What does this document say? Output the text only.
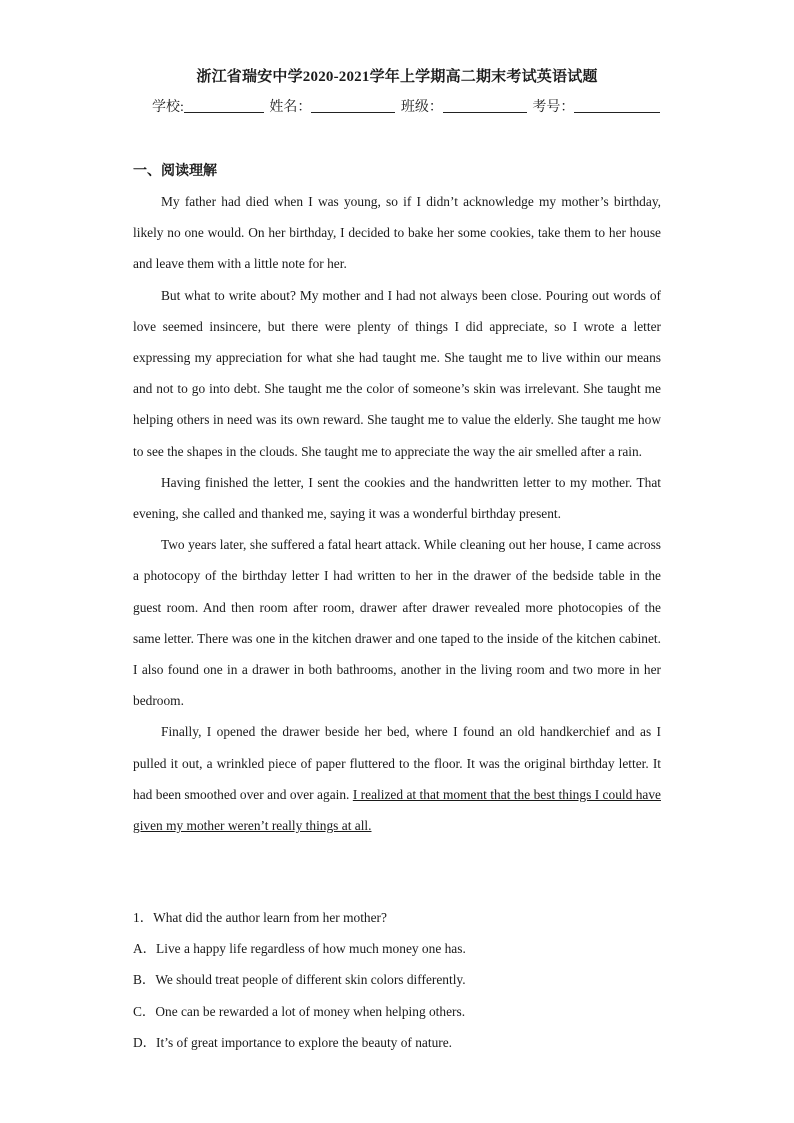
浙江省瑞安中学2020-2021学年上学期高二期末考试英语试题
学校:	姓名：	班级：	考号：
一、阅读理解

My father had died when I was young, so if I didn’t acknowledge my mother’s birthday, likely no one would. On her birthday, I decided to bake her some cookies, take them to her house and leave them with a little note for her.

But what to write about? My mother and I had not always been close. Pouring out words of love seemed insincere, but there were plenty of things I did appreciate, so I wrote a letter expressing my appreciation for what she had taught me. She taught me to live within our means and not to go into debt. She taught me the color of someone’s skin was irrelevant. She taught me helping others in need was its own reward. She taught me to value the elderly. She taught me how to see the shapes in the clouds. She taught me to appreciate the way the air smelled after a rain.

Having finished the letter, I sent the cookies and the handwritten letter to my mother. That evening, she called and thanked me, saying it was a wonderful birthday present.

Two years later, she suffered a fatal heart attack. While cleaning out her house, I came across a photocopy of the birthday letter I had written to her in the drawer of the bedside table in the guest room. And then room after room, drawer after drawer revealed more photocopies of the same letter. There was one in the kitchen drawer and one taped to the inside of the kitchen cabinet. I also found one in a drawer in both bathrooms, another in the living room and two more in her bedroom.

Finally, I opened the drawer beside her bed, where I found an old handkerchief and as I pulled it out, a wrinkled piece of paper fluttered to the floor. It was the original birthday letter. It had been smoothed over and over again. I realized at that moment that the best things I could have given my mother weren’t really things at all.

1．What did the author learn from her mother?

A．Live a happy life regardless of how much money one has.

B．We should treat people of different skin colors differently.

C．One can be rewarded a lot of money when helping others.

D．It’s of great importance to explore the beauty of nature.
